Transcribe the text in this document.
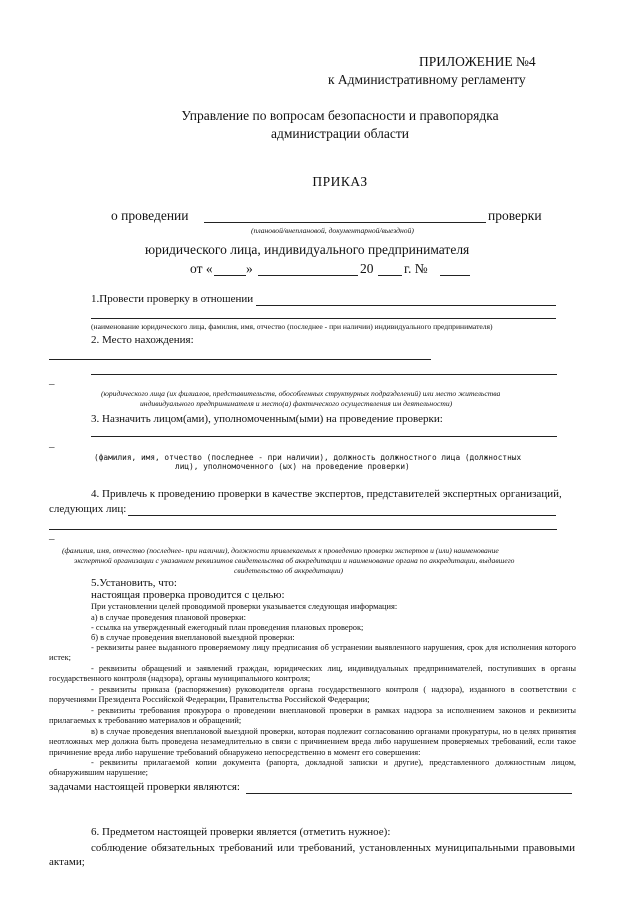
ПРИЛОЖЕНИЕ №4
к Административному регламенту
Управление по вопросам безопасности и правопорядка
администрации области
ПРИКАЗ
о проведении	проверки
(плановой/внеплановой, документарной/выездной)
юридического лица, индивидуального предпринимателя
от « »	20 г. №
1.Провести проверку в отношении
(наименование юридического лица, фамилия, имя, отчество (последнее - при наличии) индивидуального предпринимателя)
2. Место нахождения:
–
(юридического лица (их филиалов, представительств, обособленных структурных подразделений) или место жительства
индивидуального предпринимателя и место(а) фактического осуществления им деятельности)
3. Назначить лицом(ами), уполномоченным(ыми) на проведение проверки:
–
(фамилия, имя, отчество (последнее - при наличии), должность должностного лица (должностных
лиц), уполномоченного (ых) на проведение проверки)
4. Привлечь к проведению проверки в качестве экспертов, представителей экспертных организаций,
следующих лиц:
–
(фамилия, имя, отчество (последнее- при наличии), должности привлекаемых к проведению проверки экспертов и (или) наименование
экспертной организации с указанием реквизитов свидетельства об аккредитации и наименование органа по аккредитации, выдавшего
свидетельство об аккредитации)
5.Установить, что:
настоящая проверка проводится с целью:
При установлении целей проводимой проверки указывается следующая информация:
а) в случае проведения плановой проверки:
- ссылка на утвержденный ежегодный план проведения плановых проверок;
б) в случае проведения внеплановой выездной проверки:
- реквизиты ранее выданного проверяемому лицу предписания об устранении выявленного нарушения, срок для исполнения которого истек;
- реквизиты обращений и заявлений граждан, юридических лиц, индивидуальных предпринимателей, поступивших в органы государственного контроля (надзора), органы муниципального контроля;
- реквизиты приказа (распоряжения) руководителя органа государственного контроля ( надзора), изданного в соответствии с поручениями Президента Российской Федерации, Правительства Российской Федерации;
- реквизиты требования прокурора о проведении внеплановой проверки в рамках надзора за исполнением законов и реквизиты прилагаемых к требованию материалов и обращений;
в) в случае проведения внеплановой выездной проверки, которая подлежит согласованию органами прокуратуры, но в целях принятия неотложных мер должна быть проведена незамедлительно в связи с причинением вреда либо нарушением проверяемых требований, если такое причинение вреда либо нарушение требований обнаружено непосредственно в момент его совершения:
- реквизиты прилагаемой копии документа (рапорта, докладной записки и другие), представленного должностным лицом, обнаружившим нарушение;
задачами настоящей проверки являются:
6. Предметом настоящей проверки является (отметить нужное):
соблюдение обязательных требований или требований, установленных муниципальными правовыми актами;
